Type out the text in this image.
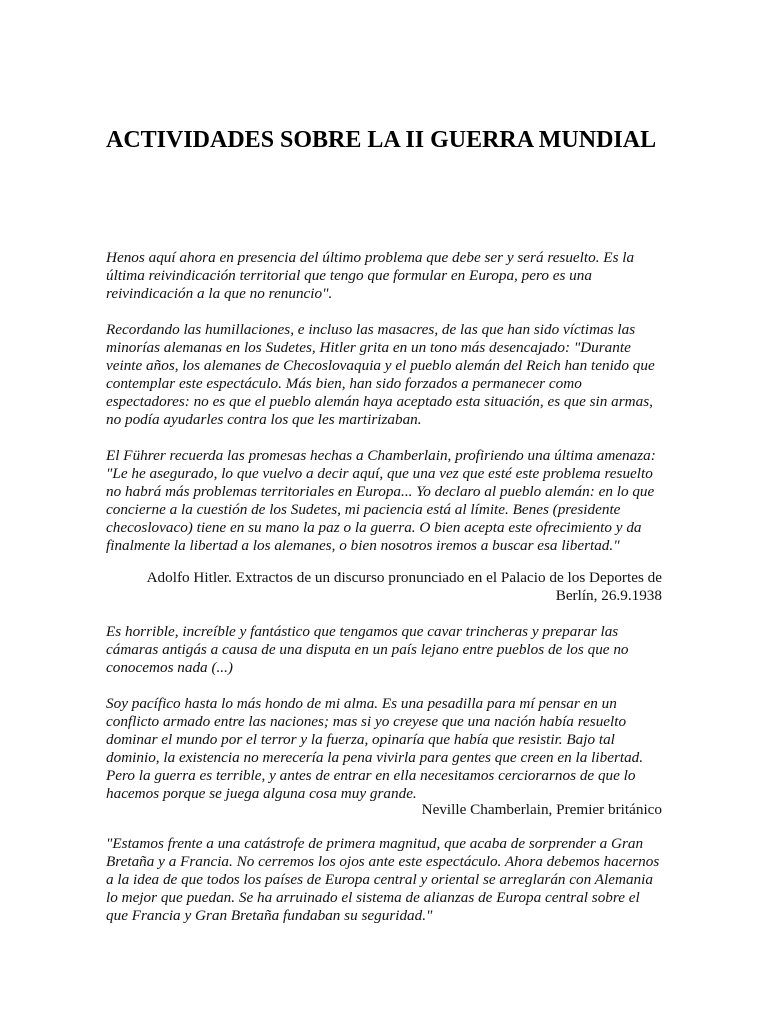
ACTIVIDADES SOBRE LA II GUERRA MUNDIAL

Henos aquí ahora en presencia del último problema que debe ser y será resuelto. Es la última reivindicación territorial que tengo que formular en Europa, pero es una reivindicación a la que no renuncio".

Recordando las humillaciones, e incluso las masacres, de las que han sido víctimas las minorías alemanas en los Sudetes, Hitler grita en un tono más desencajado: "Durante veinte años, los alemanes de Checoslovaquia y el pueblo alemán del Reich han tenido que contemplar este espectáculo. Más bien, han sido forzados a permanecer como espectadores: no es que el pueblo alemán haya aceptado esta situación, es que sin armas, no podía ayudarles contra los que les martirizaban.

El Führer recuerda las promesas hechas a Chamberlain, profiriendo una última amenaza: "Le he asegurado, lo que vuelvo a decir aquí, que una vez que esté este problema resuelto no habrá más problemas territoriales en Europa... Yo declaro al pueblo alemán: en lo que concierne a la cuestión de los Sudetes, mi paciencia está al límite. Benes (presidente checoslovaco) tiene en su mano la paz o la guerra. O bien acepta este ofrecimiento y da finalmente la libertad a los alemanes, o bien nosotros iremos a buscar esa libertad."

Adolfo Hitler. Extractos de un discurso pronunciado en el Palacio de los Deportes de Berlín, 26.9.1938

Es horrible, increíble y fantástico que tengamos que cavar trincheras y preparar las cámaras antigás a causa de una disputa en un país lejano entre pueblos de los que no conocemos nada (...)

Soy pacífico hasta lo más hondo de mi alma. Es una pesadilla para mí pensar en un conflicto armado entre las naciones; mas si yo creyese que una nación había resuelto dominar el mundo por el terror y la fuerza, opinaría que había que resistir. Bajo tal dominio, la existencia no merecería la pena vivirla para gentes que creen en la libertad. Pero la guerra es terrible, y antes de entrar en ella necesitamos cerciorarnos de que lo hacemos porque se juega alguna cosa muy grande.

Neville Chamberlain, Premier británico

"Estamos frente a una catástrofe de primera magnitud, que acaba de sorprender a Gran Bretaña y a Francia. No cerremos los ojos ante este espectáculo. Ahora debemos hacernos a la idea de que todos los países de Europa central y oriental se arreglarán con Alemania lo mejor que puedan. Se ha arruinado el sistema de alianzas de Europa central sobre el que Francia y Gran Bretaña fundaban su seguridad."
